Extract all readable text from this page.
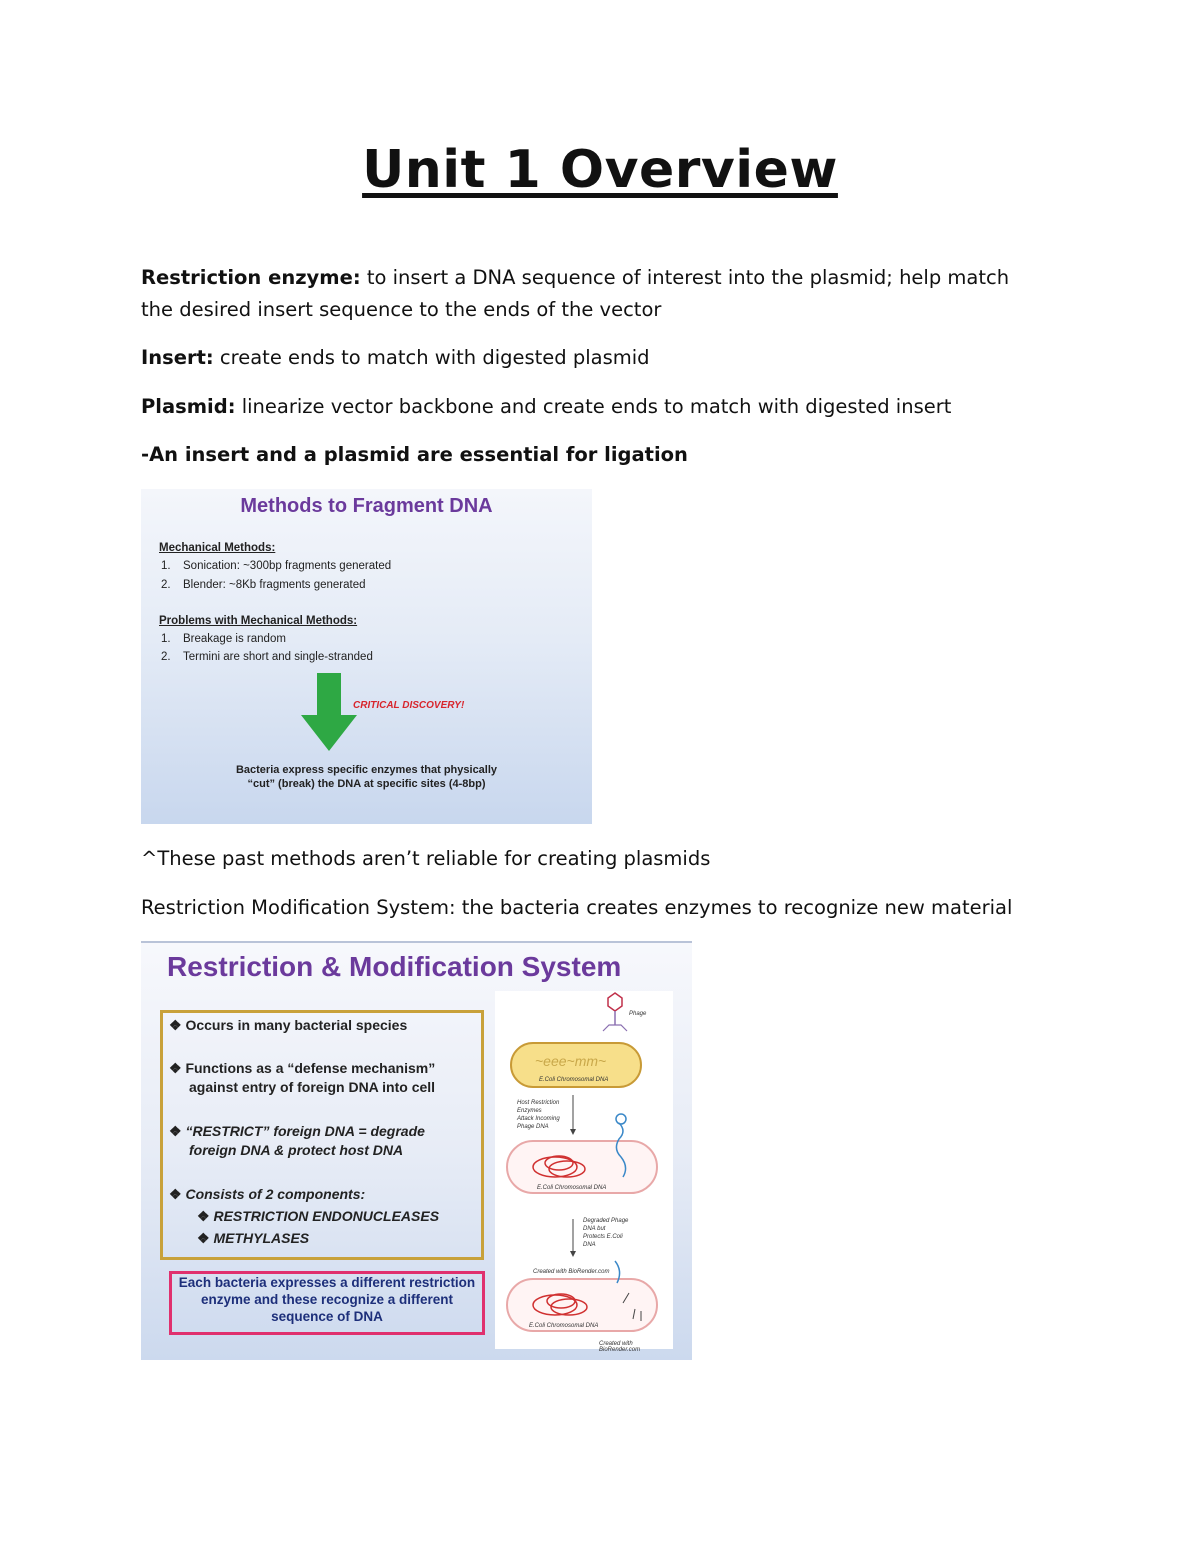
Unit 1 Overview
Restriction enzyme: to insert a DNA sequence of interest into the plasmid; help match the desired insert sequence to the ends of the vector
Insert: create ends to match with digested plasmid
Plasmid: linearize vector backbone and create ends to match with digested insert
-An insert and a plasmid are essential for ligation
Methods to Fragment DNA
Mechanical Methods:
1. Sonication: ~300bp fragments generated
2. Blender: ~8Kb fragments generated
Problems with Mechanical Methods:
1. Breakage is random
2. Termini are short and single-stranded
CRITICAL DISCOVERY!
Bacteria express specific enzymes that physically
“cut” (break) the DNA at specific sites (4-8bp)
^These past methods aren’t reliable for creating plasmids
Restriction Modification System: the bacteria creates enzymes to recognize new material
Restriction & Modification System
❖ Occurs in many bacterial species
❖ Functions as a “defense mechanism”
against entry of foreign DNA into cell
❖ “RESTRICT” foreign DNA = degrade
foreign DNA & protect host DNA
❖ Consists of 2 components:
❖ RESTRICTION ENDONUCLEASES
❖ METHYLASES
Each bacteria expresses a different restriction enzyme and these recognize a different sequence of DNA
~eee~mm~
Phage
E.Coli Chromosomal DNA
Host Restriction
Enzymes
Attack Incoming
Phage DNA
E.Coli Chromosomal DNA
Degraded Phage
DNA but
Protects E.Coli
DNA
Created with BioRender.com
E.Coli Chromosomal DNA
Created with BioRender.com
